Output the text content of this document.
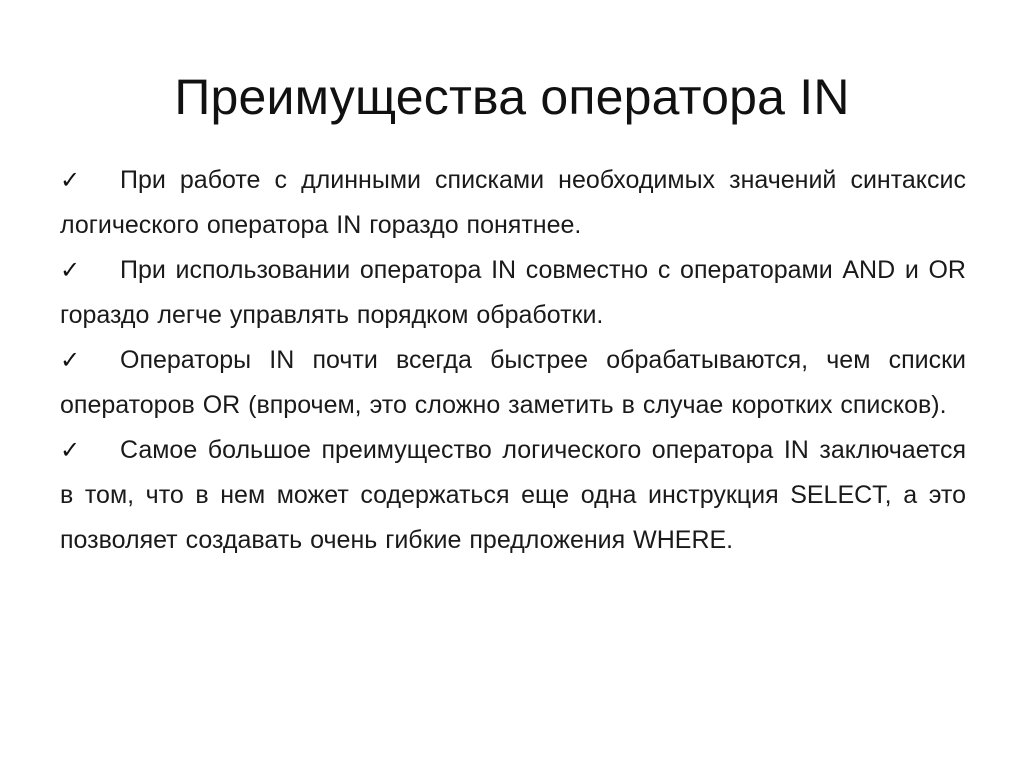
Преимущества оператора IN
✓ При работе с длинными списками необходимых значений синтаксис логического оператора IN гораздо понятнее.
✓ При использовании оператора IN совместно с операторами AND и OR гораздо легче управлять порядком обработки.
✓ Операторы IN почти всегда быстрее обрабатываются, чем списки операторов OR (впрочем, это сложно заметить в случае коротких списков).
✓ Самое большое преимущество логического оператора IN заключается в том, что в нем может содержаться еще одна инструкция SELECT, а это позволяет создавать очень гибкие предложения WHERE.
